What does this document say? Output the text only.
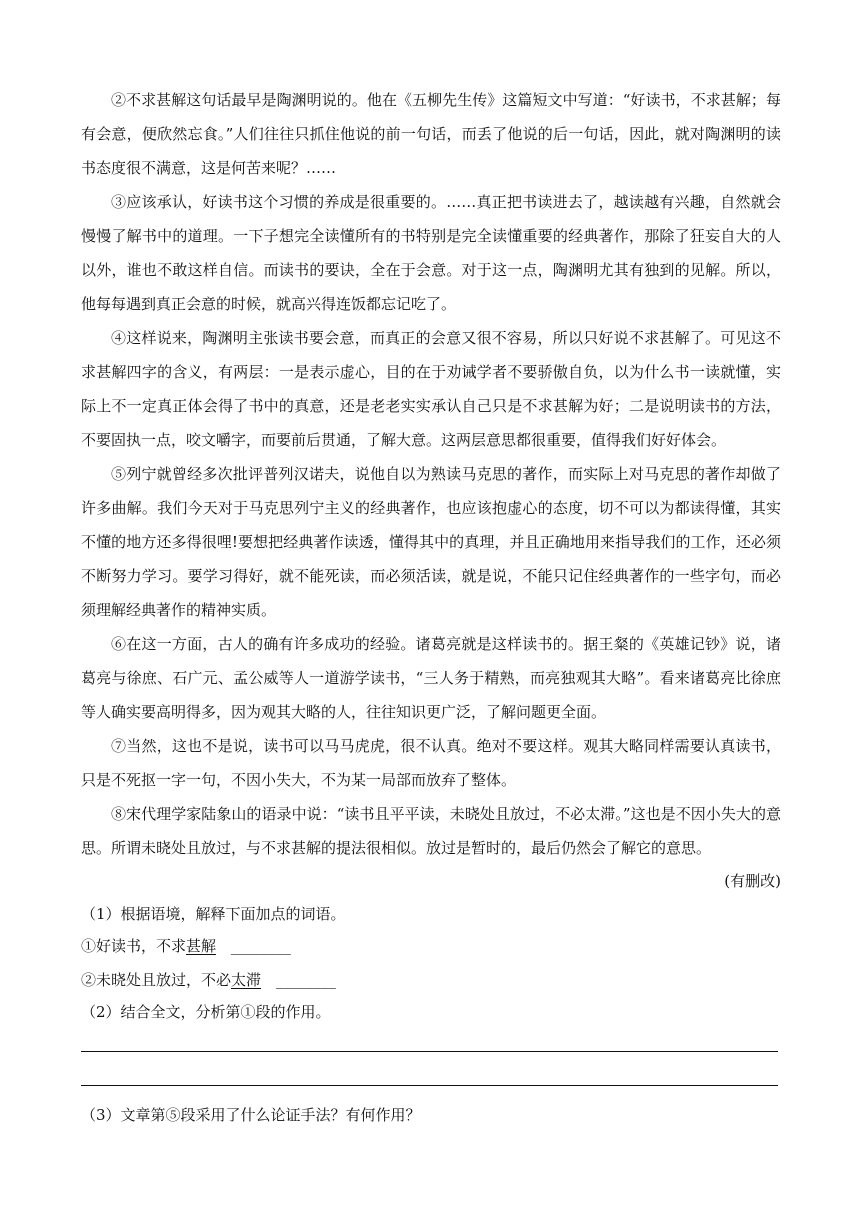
②不求甚解这句话最早是陶渊明说的。他在《五柳先生传》这篇短文中写道：“好读书，不求甚解；每有会意，便欣然忘食。”人们往往只抓住他说的前一句话，而丢了他说的后一句话，因此，就对陶渊明的读书态度很不满意，这是何苦来呢？……

③应该承认，好读书这个习惯的养成是很重要的。……真正把书读进去了，越读越有兴趣，自然就会慢慢了解书中的道理。一下子想完全读懂所有的书特别是完全读懂重要的经典著作，那除了狂妄自大的人以外，谁也不敢这样自信。而读书的要诀，全在于会意。对于这一点，陶渊明尤其有独到的见解。所以，他每每遇到真正会意的时候，就高兴得连饭都忘记吃了。

④这样说来，陶渊明主张读书要会意，而真正的会意又很不容易，所以只好说不求甚解了。可见这不求甚解四字的含义，有两层：一是表示虚心，目的在于劝诫学者不要骄傲自负，以为什么书一读就懂，实际上不一定真正体会得了书中的真意，还是老老实实承认自己只是不求甚解为好；二是说明读书的方法，不要固执一点，咬文嚼字，而要前后贯通，了解大意。这两层意思都很重要，值得我们好好体会。

⑤列宁就曾经多次批评普列汉诺夫，说他自以为熟读马克思的著作，而实际上对马克思的著作却做了许多曲解。我们今天对于马克思列宁主义的经典著作，也应该抱虚心的态度，切不可以为都读得懂，其实不懂的地方还多得很哩!要想把经典著作读透，懂得其中的真理，并且正确地用来指导我们的工作，还必须不断努力学习。要学习得好，就不能死读，而必须活读，就是说，不能只记住经典著作的一些字句，而必须理解经典著作的精神实质。

⑥在这一方面，古人的确有许多成功的经验。诸葛亮就是这样读书的。据王粲的《英雄记钞》说，诸葛亮与徐庶、石广元、孟公威等人一道游学读书，“三人务于精熟，而亮独观其大略”。看来诸葛亮比徐庶等人确实要高明得多，因为观其大略的人，往往知识更广泛，了解问题更全面。

⑦当然，这也不是说，读书可以马马虎虎，很不认真。绝对不要这样。观其大略同样需要认真读书，只是不死抠一字一句，不因小失大，不为某一局部而放弃了整体。

⑧宋代理学家陆象山的语录中说：“读书且平平读，未晓处且放过，不必太滞。”这也是不因小失大的意思。所谓未晓处且放过，与不求甚解的提法很相似。放过是暂时的，最后仍然会了解它的意思。

(有删改)

（1）根据语境，解释下面加点的词语。

①好读书，不求甚解 ________

②未晓处且放过，不必太滞 ________

（2）结合全文，分析第①段的作用。

（3）文章第⑤段采用了什么论证手法？有何作用？
